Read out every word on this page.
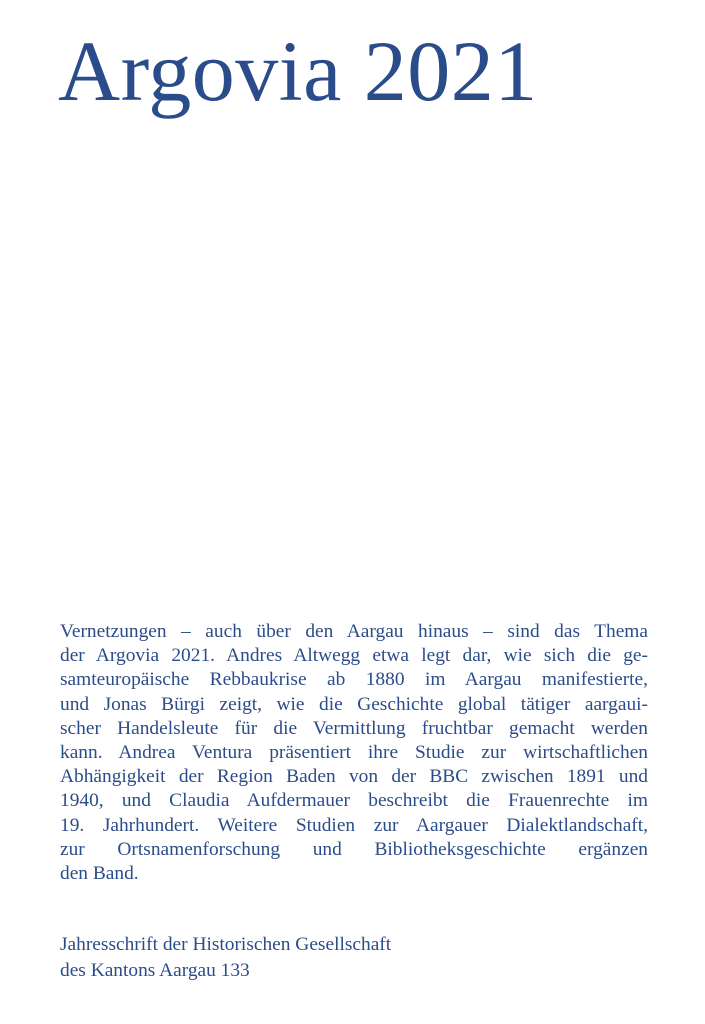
Argovia 2021

Vernetzungen – auch über den Aargau hinaus – sind das Thema
der Argovia 2021. Andres Altwegg etwa legt dar, wie sich die ge-
samteuropäische Rebbaukrise ab 1880 im Aargau manifestierte,
und Jonas Bürgi zeigt, wie die Geschichte global tätiger aargaui-
scher Handelsleute für die Vermittlung fruchtbar gemacht werden
kann. Andrea Ventura präsentiert ihre Studie zur wirtschaftlichen
Abhängigkeit der Region Baden von der BBC zwischen 1891 und
1940, und Claudia Aufdermauer beschreibt die Frauenrechte im
19. Jahrhundert. Weitere Studien zur Aargauer Dialektlandschaft,
zur Ortsnamenforschung und Bibliotheksgeschichte ergänzen
den Band.

Jahresschrift der Historischen Gesellschaft
des Kantons Aargau 133
